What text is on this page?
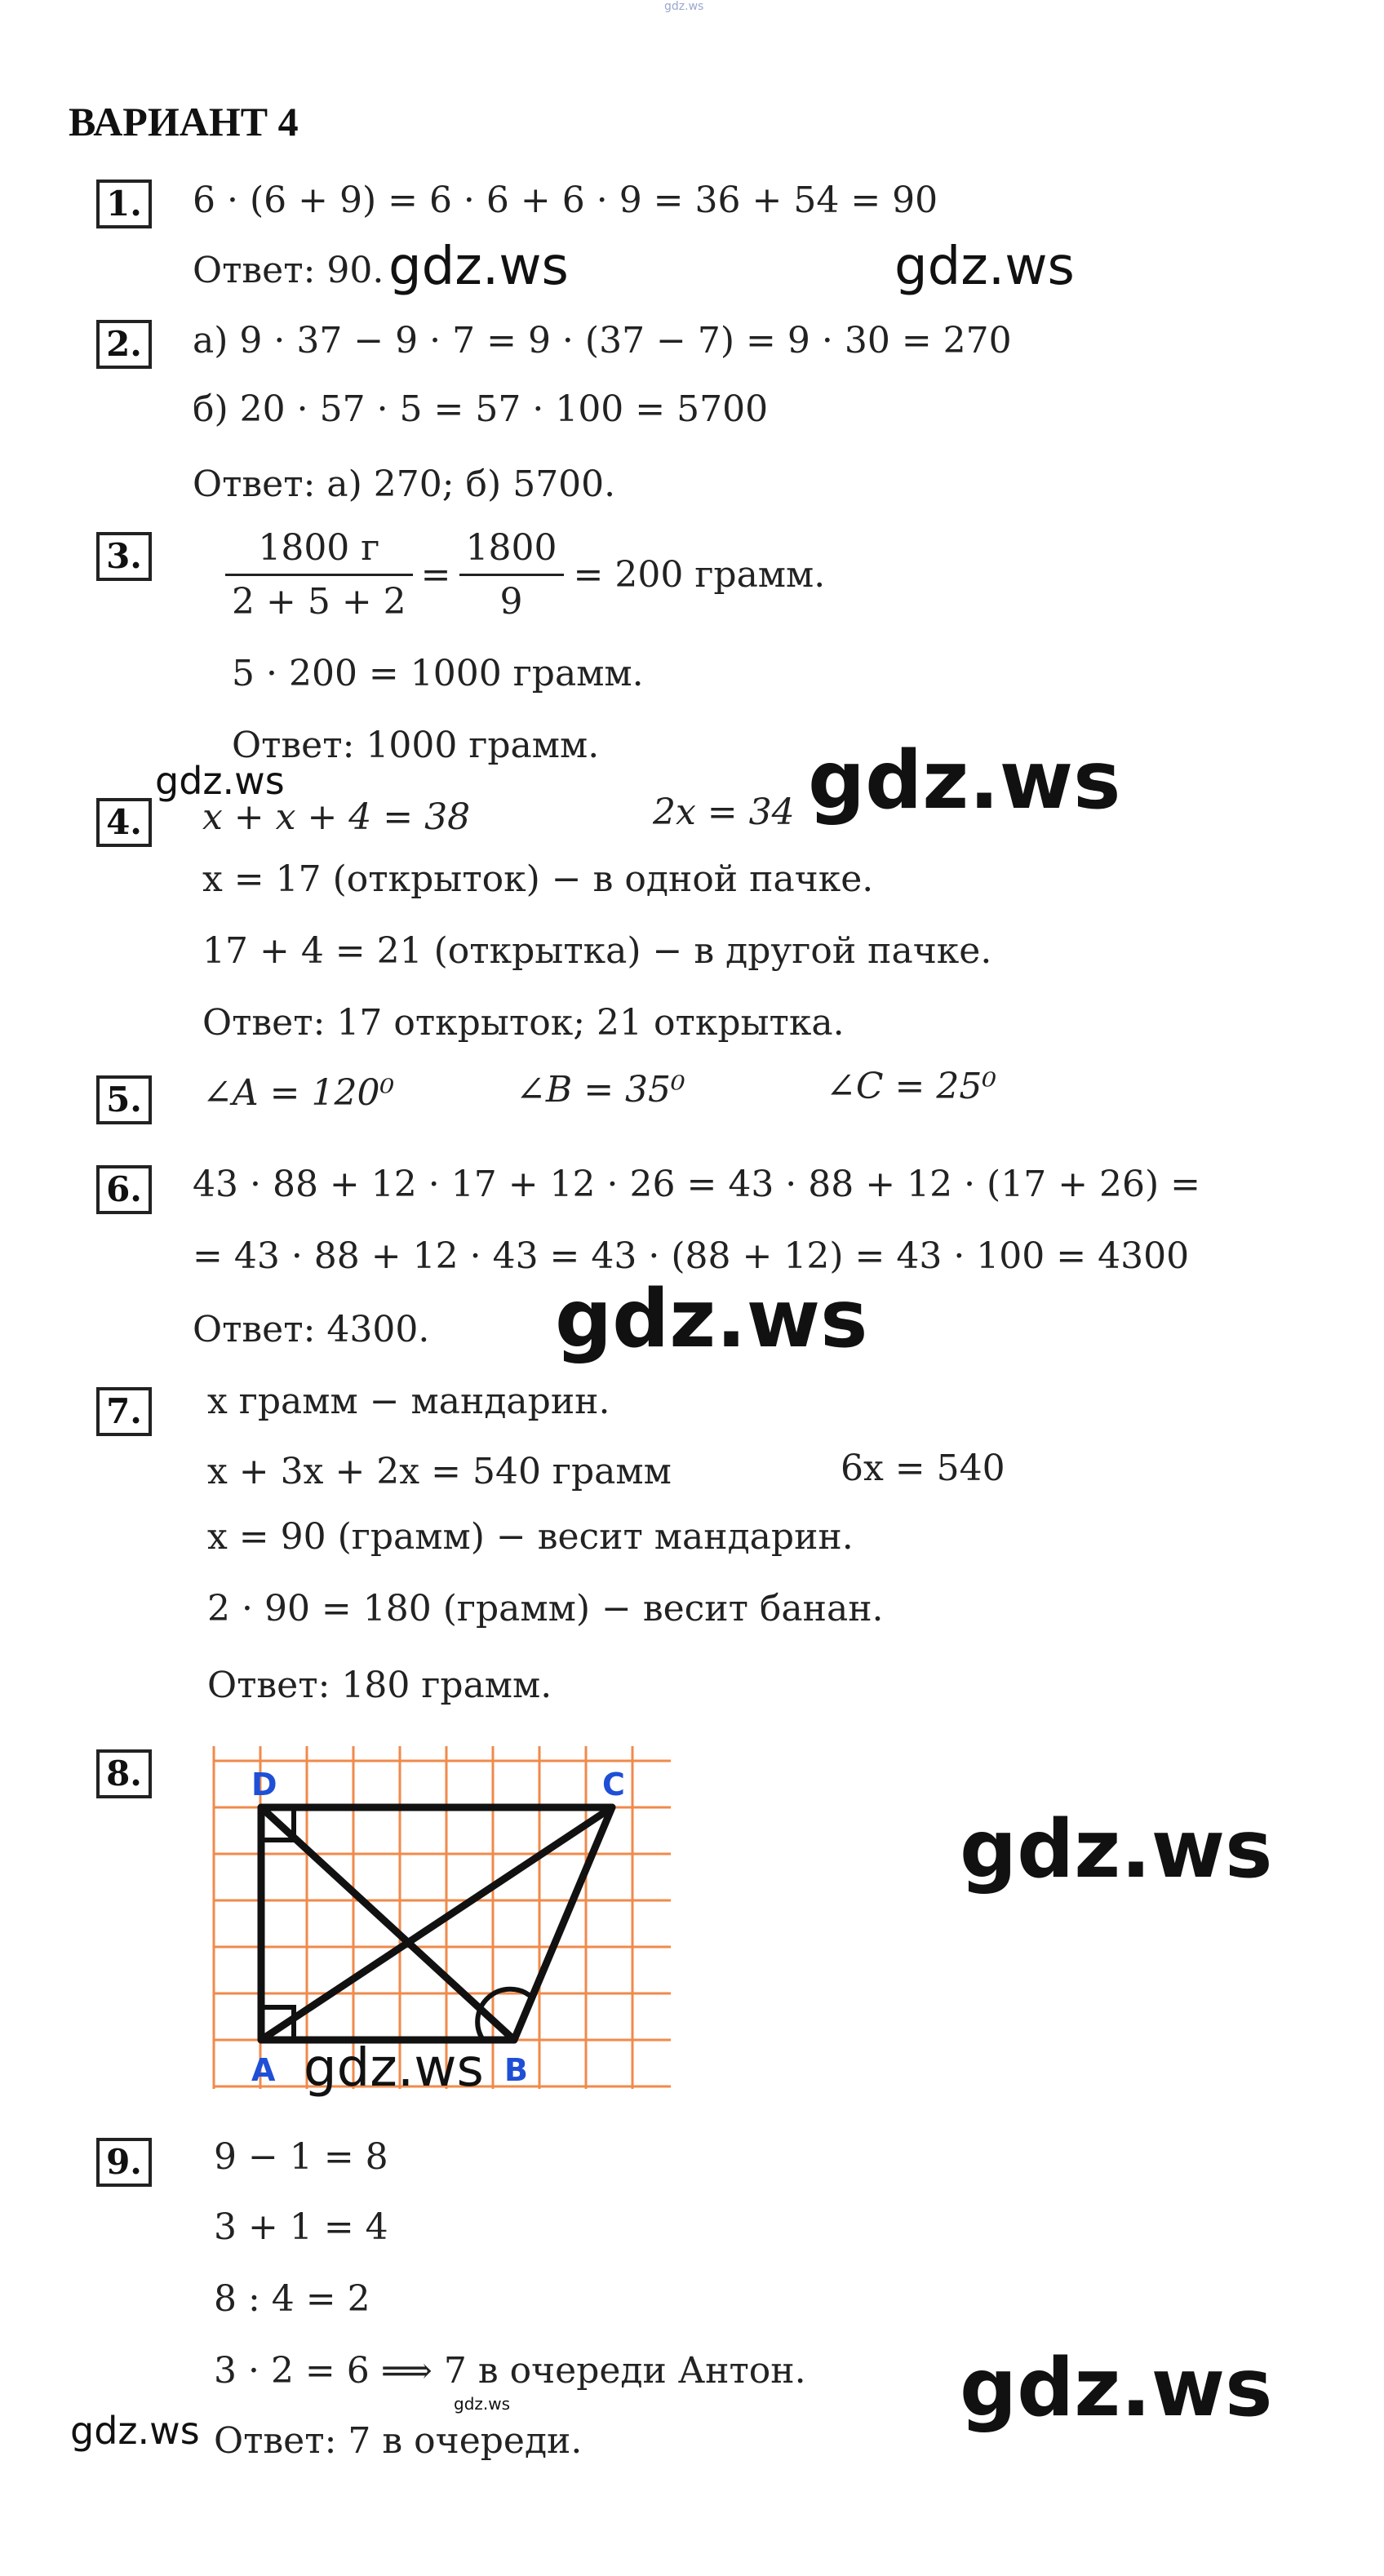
gdz.ws
ВАРИАНТ 4
1. 6 · (6 + 9) = 6 · 6 + 6 · 9 = 36 + 54 = 90
Ответ: 90. gdz.ws	gdz.ws
2. а) 9 · 37 − 9 · 7 = 9 · (37 − 7) = 9 · 30 = 270
б) 20 · 57 · 5 = 57 · 100 = 5700
Ответ: а) 270; б) 5700.
3. $\frac{1800 г}{2 + 5 + 2} = \frac{1800}{9} = 200$ грамм.
5 · 200 = 1000 грамм.
Ответ: 1000 грамм.
gdz.ws	gdz.ws
4. x + x + 4 = 38	2x = 34
x = 17 (открыток) − в одной пачке.
17 + 4 = 21 (открытка) − в другой пачке.
Ответ: 17 открыток; 21 открытка.
5. ∠A = 120⁰	∠B = 35⁰	∠C = 25⁰
6. 43 · 88 + 12 · 17 + 12 · 26 = 43 · 88 + 12 · (17 + 26) =
= 43 · 88 + 12 · 43 = 43 · (88 + 12) = 43 · 100 = 4300
Ответ: 4300. gdz.ws
7. x грамм − мандарин.
x + 3x + 2x = 540 грамм	6x = 540
x = 90 (грамм) − весит мандарин.
2 · 90 = 180 (грамм) − весит банан.
Ответ: 180 грамм.
8.	D	C
A	B
gdz.ws
gdz.ws
9. 9 − 1 = 8
3 + 1 = 4
8 : 4 = 2
3 · 2 = 6 ⟹ 7 в очереди Антон.
Ответ: 7 в очереди.
gdz.ws
gdz.ws
gdz.ws
